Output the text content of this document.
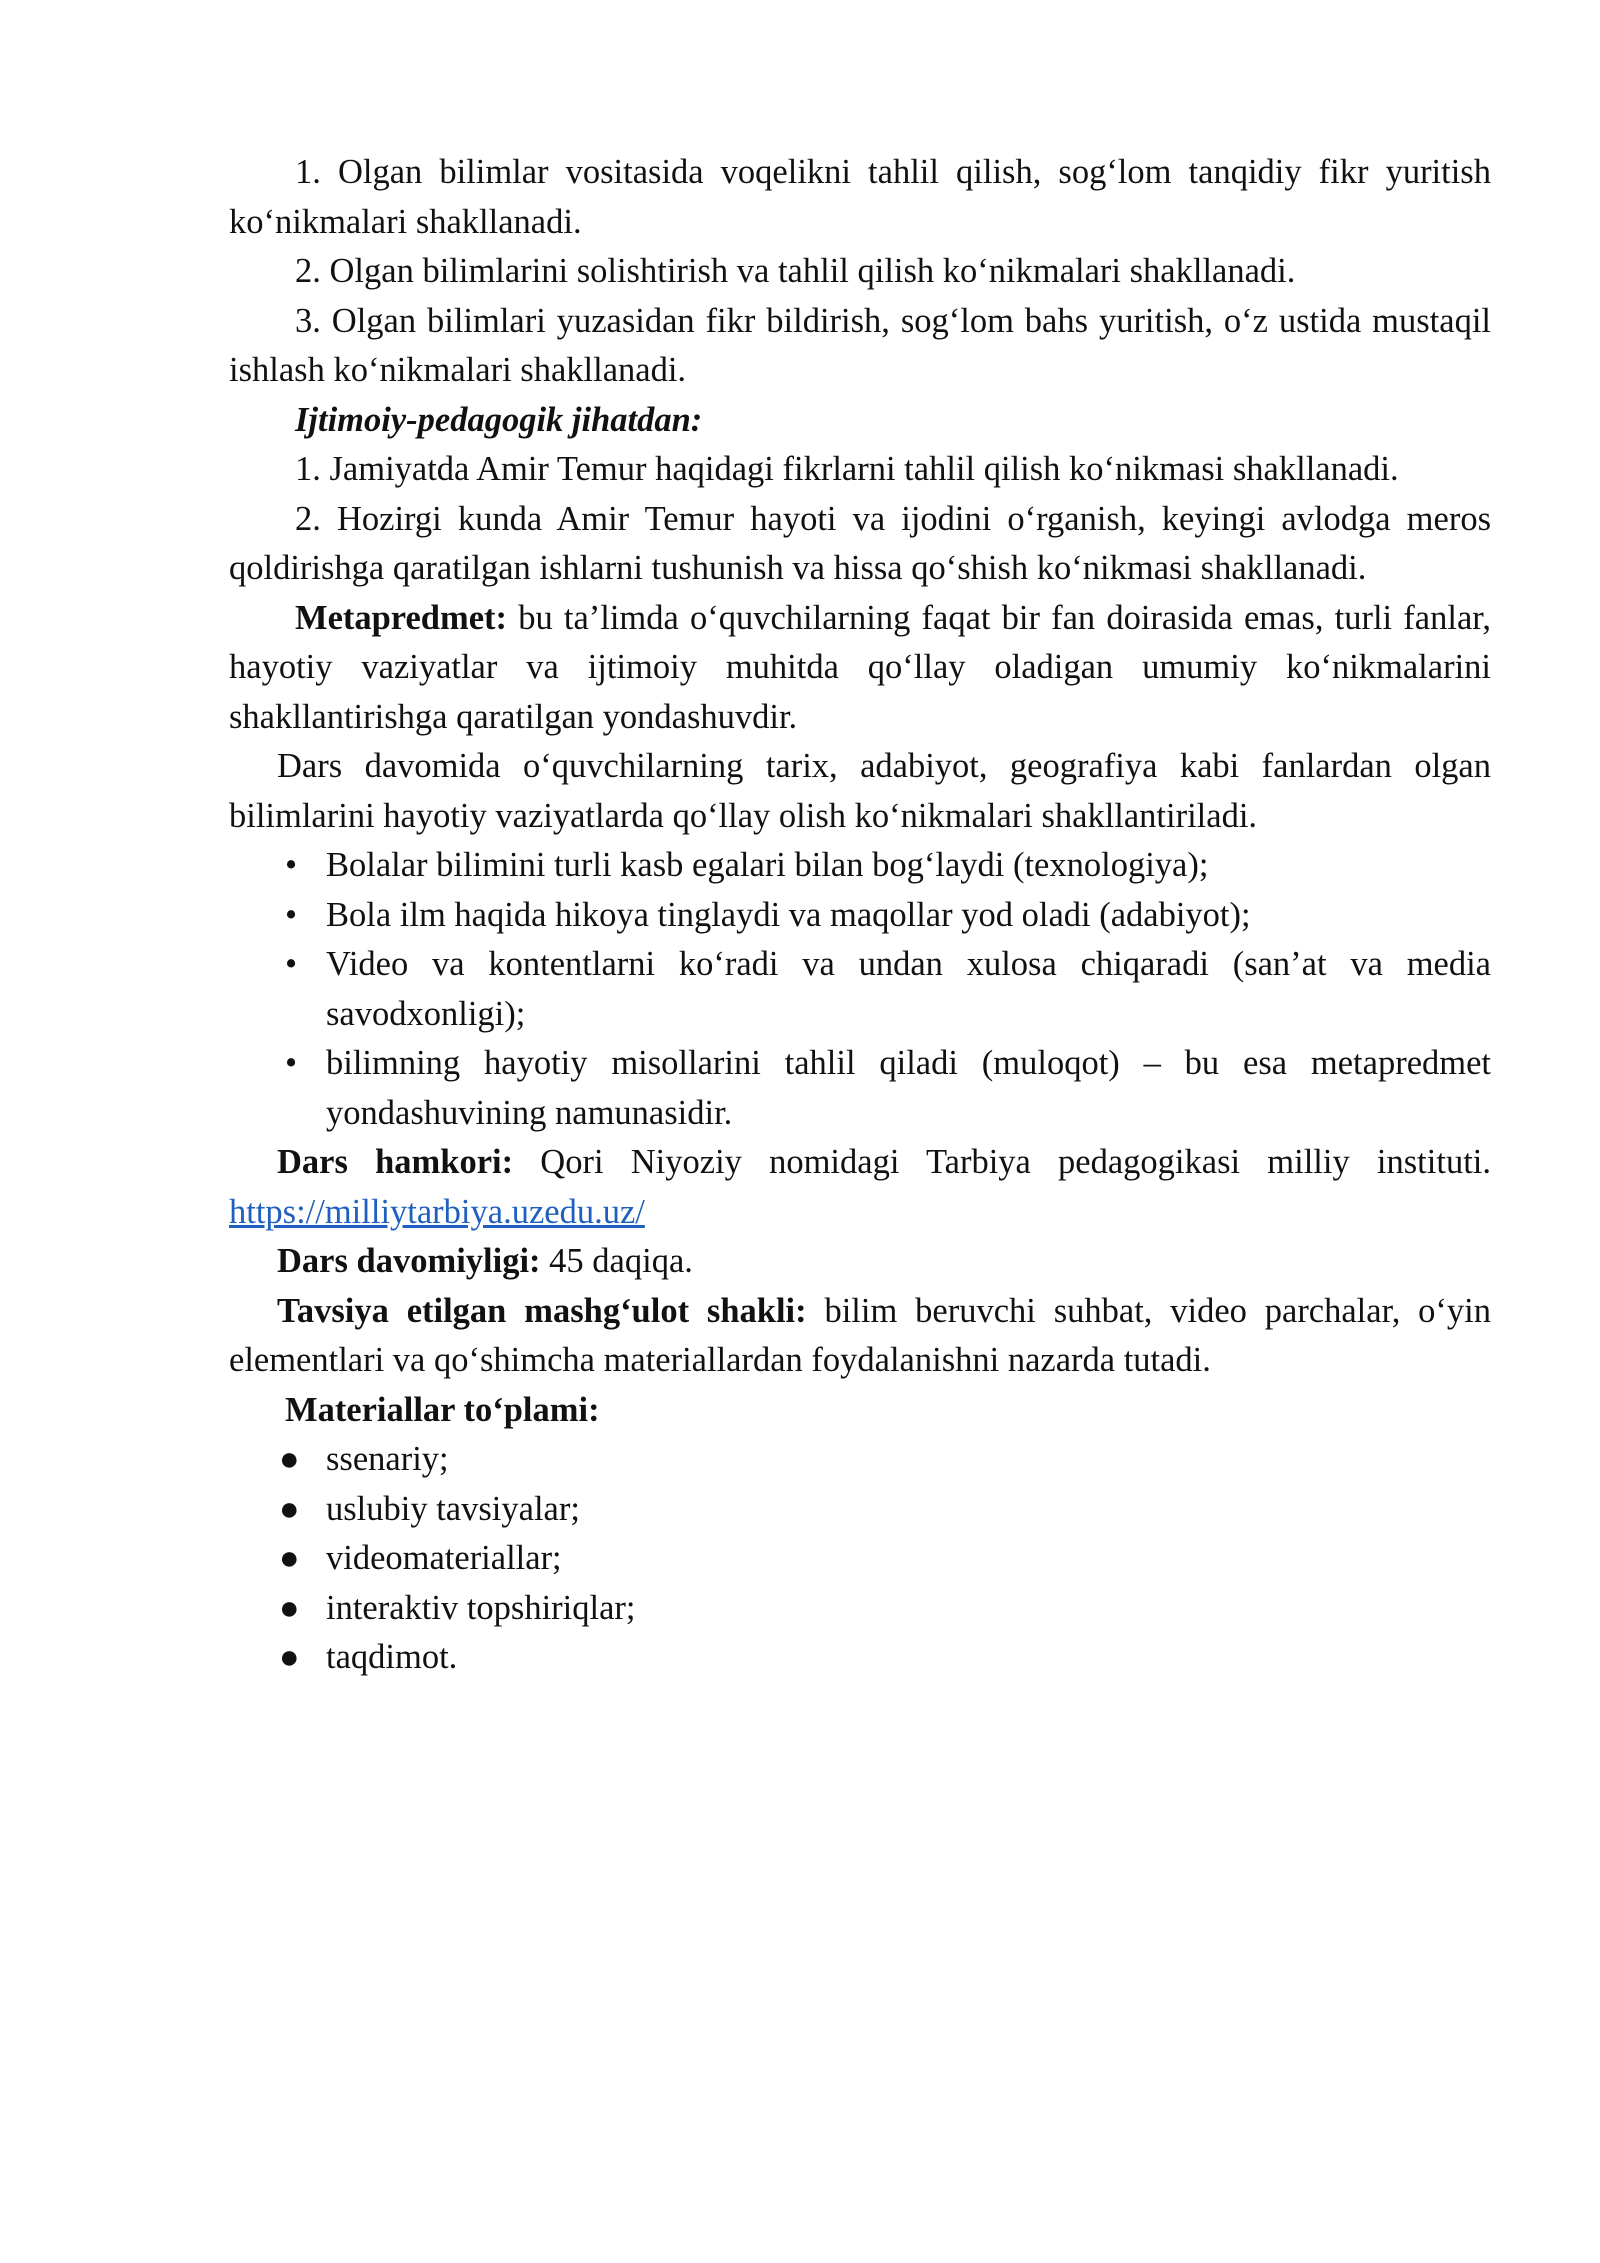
1. Olgan bilimlar vositasida voqelikni tahlil qilish, sog‘lom tanqidiy fikr yuritish ko‘nikmalari shakllanadi.

2. Olgan bilimlarini solishtirish va tahlil qilish ko‘nikmalari shakllanadi.

3. Olgan bilimlari yuzasidan fikr bildirish, sog‘lom bahs yuritish, o‘z ustida mustaqil ishlash ko‘nikmalari shakllanadi.

Ijtimoiy-pedagogik jihatdan:

1. Jamiyatda Amir Temur haqidagi fikrlarni tahlil qilish ko‘nikmasi shakllanadi.

2. Hozirgi kunda Amir Temur hayoti va ijodini o‘rganish, keyingi avlodga meros qoldirishga qaratilgan ishlarni tushunish va hissa qo‘shish ko‘nikmasi shakllanadi.

Metapredmet: bu ta’limda o‘quvchilarning faqat bir fan doirasida emas, turli fanlar, hayotiy vaziyatlar va ijtimoiy muhitda qo‘llay oladigan umumiy ko‘nikmalarini shakllantirishga qaratilgan yondashuvdir.

Dars davomida o‘quvchilarning tarix, adabiyot, geografiya kabi fanlardan olgan bilimlarini hayotiy vaziyatlarda qo‘llay olish ko‘nikmalari shakllantiriladi.

• Bolalar bilimini turli kasb egalari bilan bog‘laydi (texnologiya);
• Bola ilm haqida hikoya tinglaydi va maqollar yod oladi (adabiyot);
• Video va kontentlarni ko‘radi va undan xulosa chiqaradi (san’at va media savodxonligi);
• bilimning hayotiy misollarini tahlil qiladi (muloqot) – bu esa metapredmet yondashuvining namunasidir.

Dars hamkori: Qori Niyoziy nomidagi Tarbiya pedagogikasi milliy instituti. https://milliytarbiya.uzedu.uz/

Dars davomiyligi: 45 daqiqa.

Tavsiya etilgan mashg‘ulot shakli: bilim beruvchi suhbat, video parchalar, o‘yin elementlari va qo‘shimcha materiallardan foydalanishni nazarda tutadi.

Materiallar to‘plami:

● ssenariy;
● uslubiy tavsiyalar;
● videomateriallar;
● interaktiv topshiriqlar;
● taqdimot.
